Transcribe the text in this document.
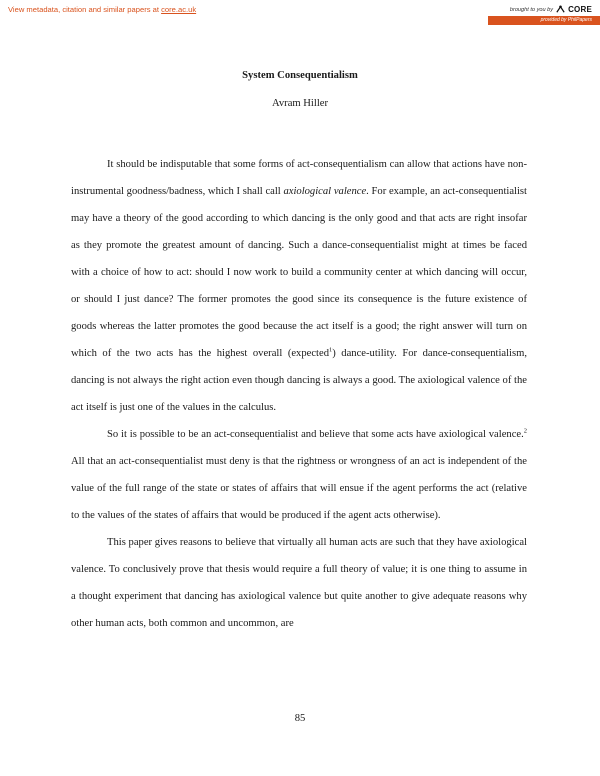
View metadata, citation and similar papers at core.ac.uk	brought to you by CORE
provided by PhilPapers
System Consequentialism
Avram Hiller

It should be indisputable that some forms of act-consequentialism can allow that actions have non-instrumental goodness/badness, which I shall call axiological valence. For example, an act-consequentialist may have a theory of the good according to which dancing is the only good and that acts are right insofar as they promote the greatest amount of dancing. Such a dance-consequentialist might at times be faced with a choice of how to act: should I now work to build a community center at which dancing will occur, or should I just dance? The former promotes the good since its consequence is the future existence of goods whereas the latter promotes the good because the act itself is a good; the right answer will turn on which of the two acts has the highest overall (expected$^1$) dance-utility. For dance-consequentialism, dancing is not always the right action even though dancing is always a good. The axiological valence of the act itself is just one of the values in the calculus.

So it is possible to be an act-consequentialist and believe that some acts have axiological valence.$^2$ All that an act-consequentialist must deny is that the rightness or wrongness of an act is independent of the value of the full range of the state or states of affairs that will ensue if the agent performs the act (relative to the values of the states of affairs that would be produced if the agent acts otherwise).

This paper gives reasons to believe that virtually all human acts are such that they have axiological valence. To conclusively prove that thesis would require a full theory of value; it is one thing to assume in a thought experiment that dancing has axiological valence but quite another to give adequate reasons why other human acts, both common and uncommon, are

85
